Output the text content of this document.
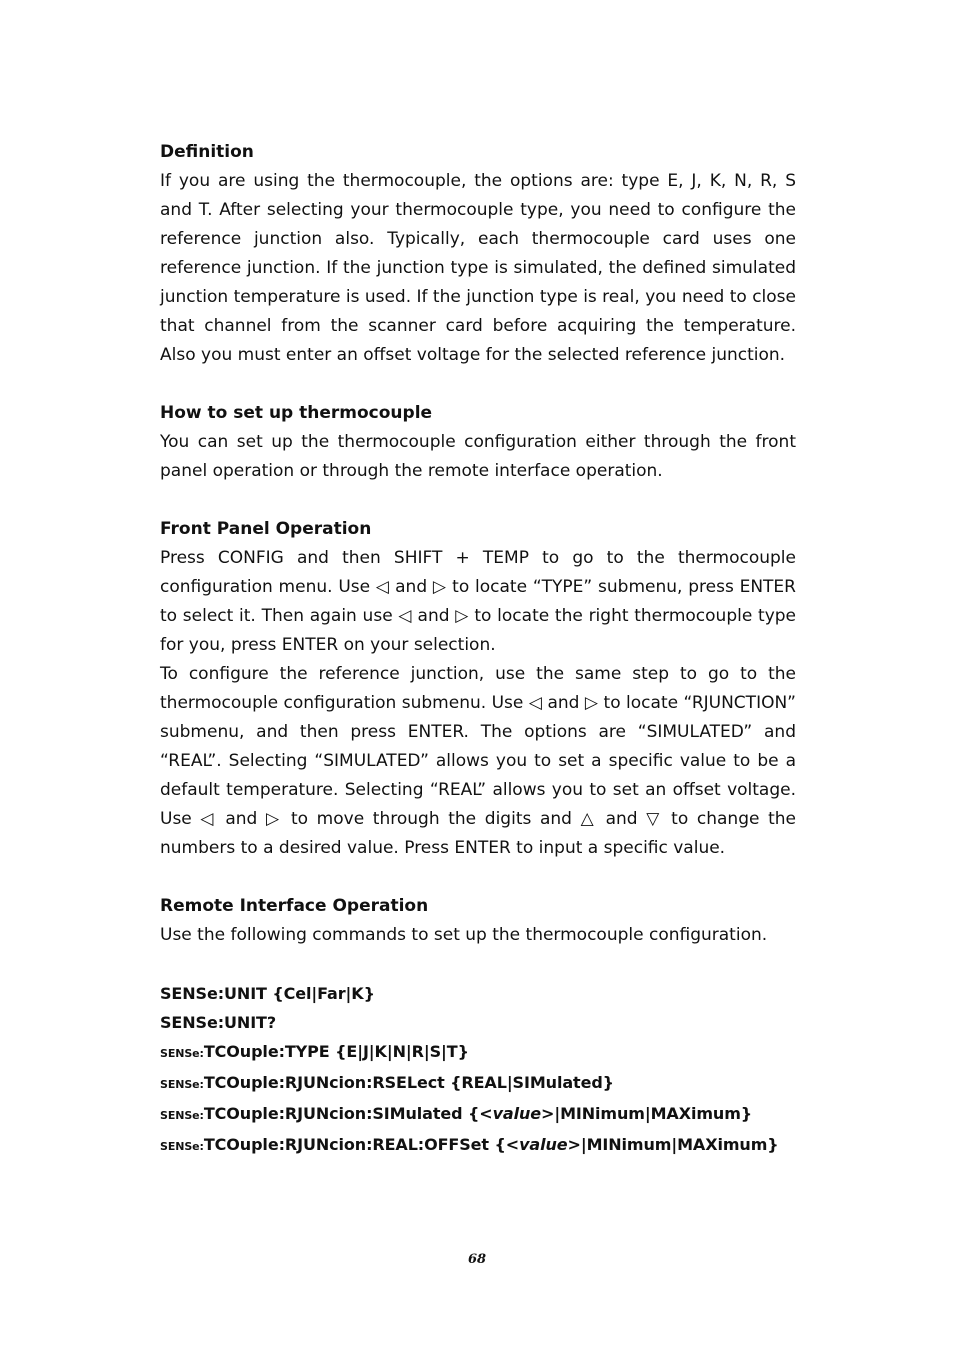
Definition

If you are using the thermocouple, the options are: type E, J, K, N, R, S and T. After selecting your thermocouple type, you need to configure the reference junction also. Typically, each thermocouple card uses one reference junction. If the junction type is simulated, the defined simulated junction temperature is used. If the junction type is real, you need to close that channel from the scanner card before acquiring the temperature. Also you must enter an offset voltage for the selected reference junction.

How to set up thermocouple

You can set up the thermocouple configuration either through the front panel operation or through the remote interface operation.

Front Panel Operation

Press CONFIG and then SHIFT + TEMP to go to the thermocouple configuration menu. Use ◁ and ▷ to locate “TYPE” submenu, press ENTER to select it. Then again use ◁ and ▷ to locate the right thermocouple type for you, press ENTER on your selection.

To configure the reference junction, use the same step to go to the thermocouple configuration submenu. Use ◁ and ▷ to locate “RJUNCTION” submenu, and then press ENTER. The options are “SIMULATED” and “REAL”. Selecting “SIMULATED” allows you to set a specific value to be a default temperature. Selecting “REAL” allows you to set an offset voltage. Use ◁ and ▷ to move through the digits and △ and ▽ to change the numbers to a desired value. Press ENTER to input a specific value.

Remote Interface Operation

Use the following commands to set up the thermocouple configuration.

SENSe:UNIT {Cel|Far|K}

SENSe:UNIT?

SENSe:TCOuple:TYPE {E|J|K|N|R|S|T}

SENSe:TCOuple:RJUNcion:RSELect {REAL|SIMulated}

SENSe:TCOuple:RJUNcion:SIMulated {<value>|MINimum|MAXimum}

SENSe:TCOuple:RJUNcion:REAL:OFFSet {<value>|MINimum|MAXimum}

68
